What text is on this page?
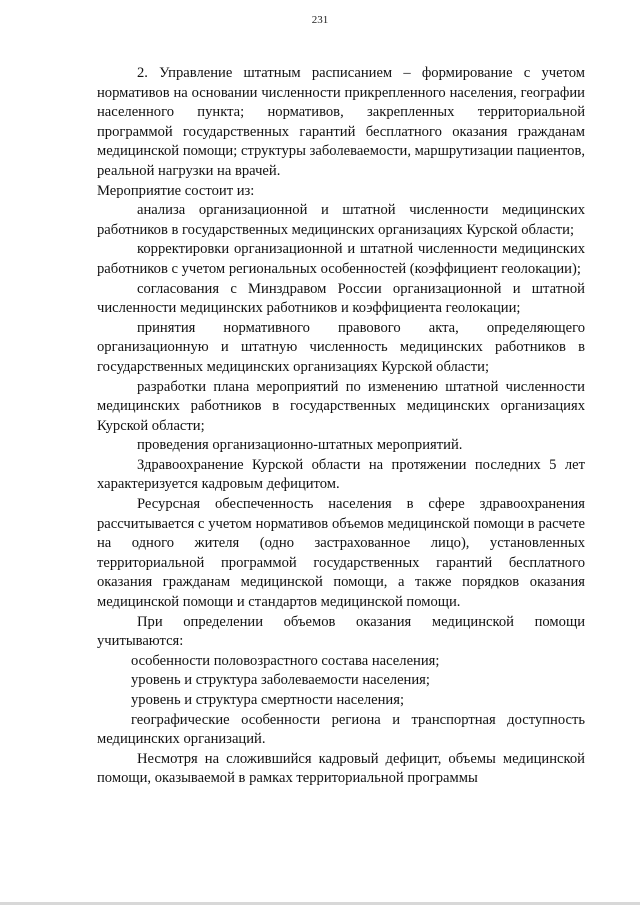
231

2. Управление штатным расписанием – формирование с учетом нормативов на основании численности прикрепленного населения, географии населенного пункта; нормативов, закрепленных территориальной программой государственных гарантий бесплатного оказания гражданам медицинской помощи; структуры заболеваемости, маршрутизации пациентов, реальной нагрузки на врачей.

Мероприятие состоит из:

анализа организационной и штатной численности медицинских работников в государственных медицинских организациях Курской области;

корректировки организационной и штатной численности медицинских работников с учетом региональных особенностей (коэффициент геолокации);

согласования с Минздравом России организационной и штатной численности медицинских работников и коэффициента геолокации;

принятия нормативного правового акта, определяющего организационную и штатную численность медицинских работников в государственных медицинских организациях Курской области;

разработки плана мероприятий по изменению штатной численности медицинских работников в государственных медицинских организациях Курской области;

проведения организационно-штатных мероприятий.

Здравоохранение Курской области на протяжении последних 5 лет характеризуется кадровым дефицитом.

Ресурсная обеспеченность населения в сфере здравоохранения рассчитывается с учетом нормативов объемов медицинской помощи в расчете на одного жителя (одно застрахованное лицо), установленных территориальной программой государственных гарантий бесплатного оказания гражданам медицинской помощи, а также порядков оказания медицинской помощи и стандартов медицинской помощи.

При определении объемов оказания медицинской помощи учитываются:

особенности половозрастного состава населения;

уровень и структура заболеваемости населения;

уровень и структура смертности населения;

географические особенности региона и транспортная доступность медицинских организаций.

Несмотря на сложившийся кадровый дефицит, объемы медицинской помощи, оказываемой в рамках территориальной программы
